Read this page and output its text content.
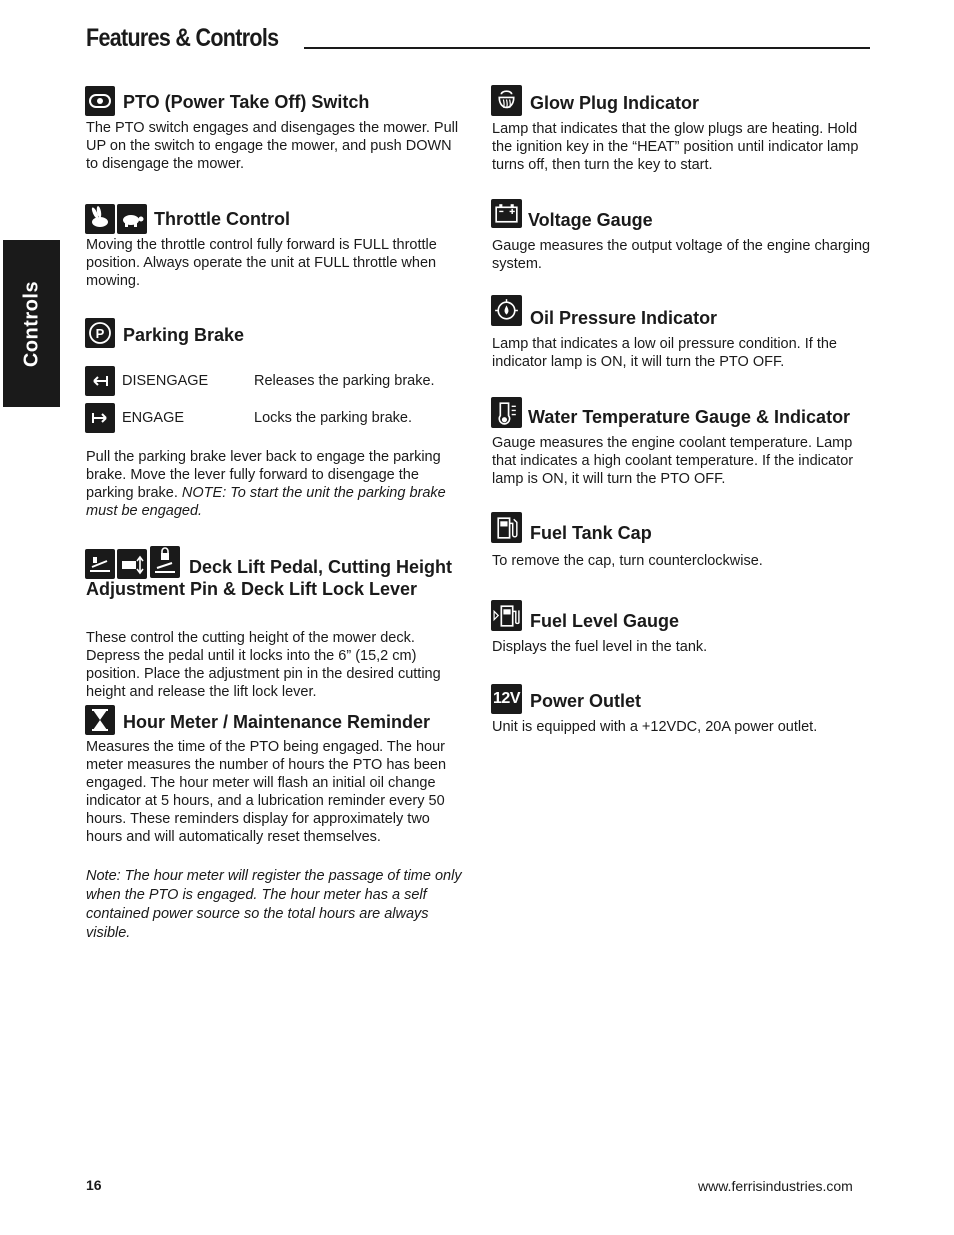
Features & Controls
Controls
PTO (Power Take Off) Switch
The PTO switch engages and disengages the mower. Pull UP on the switch to engage the mower, and push DOWN to disengage the mower.
Throttle Control
Moving the throttle control fully forward is FULL throttle position. Always operate the unit at FULL throttle when mowing.
P Parking Brake
DISENGAGE	Releases the parking brake.
ENGAGE	Locks the parking brake.
Pull the parking brake lever back to engage the parking brake. Move the lever fully forward to disengage the parking brake. NOTE: To start the unit the parking brake must be engaged.
Deck Lift Pedal, Cutting Height Adjustment Pin & Deck Lift Lock Lever
These control the cutting height of the mower deck. Depress the pedal until it locks into the 6” (15,2 cm) position. Place the adjustment pin in the desired cutting height and release the lift lock lever.
Hour Meter / Maintenance Reminder
Measures the time of the PTO being engaged. The hour meter measures the number of hours the PTO has been engaged. The hour meter will flash an initial oil change indicator at 5 hours, and a lubrication reminder every 50 hours. These reminders display for approximately two hours and will automatically reset themselves.
Note: The hour meter will register the passage of time only when the PTO is engaged. The hour meter has a self contained power source so the total hours are always visible.
Glow Plug Indicator
Lamp that indicates that the glow plugs are heating. Hold the ignition key in the “HEAT” position until indicator lamp turns off, then turn the key to start.
Voltage Gauge
Gauge measures the output voltage of the engine charging system.
Oil Pressure Indicator
Lamp that indicates a low oil pressure condition. If the indicator lamp is ON, it will turn the PTO OFF.
Water Temperature Gauge & Indicator
Gauge measures the engine coolant temperature. Lamp that indicates a high coolant temperature. If the indicator lamp is ON, it will turn the PTO OFF.
Fuel Tank Cap
To remove the cap, turn counterclockwise.
Fuel Level Gauge
Displays the fuel level in the tank.
12V Power Outlet
Unit is equipped with a +12VDC, 20A power outlet.
16	www.ferrisindustries.com
